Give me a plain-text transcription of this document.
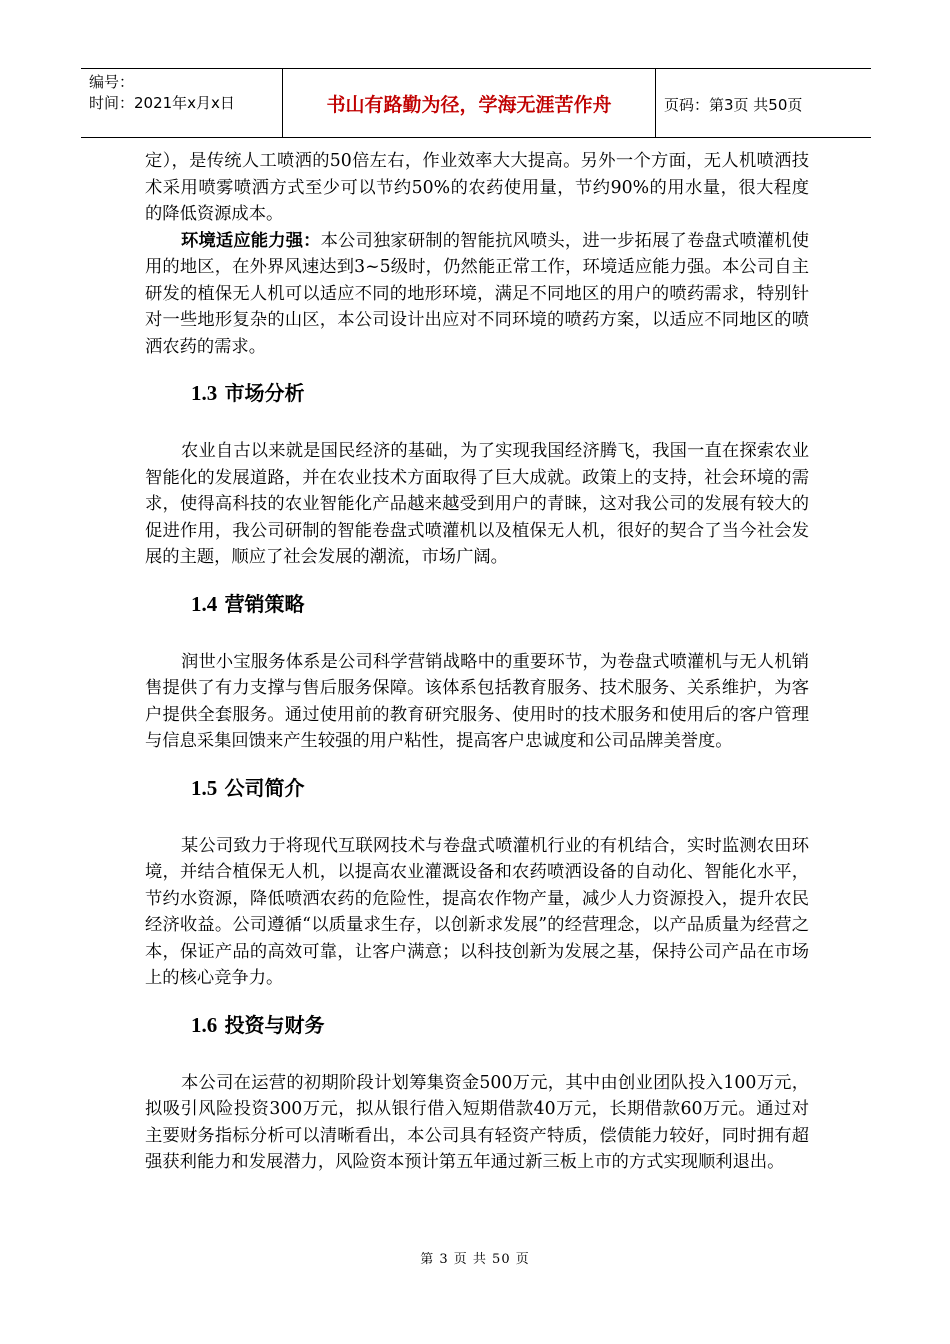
编号：
时间：2021年x月x日	书山有路勤为径，学海无涯苦作舟	页码：第3页 共50页

定），是传统人工喷洒的50倍左右，作业效率大大提高。另外一个方面，无人机喷洒技术采用喷雾喷洒方式至少可以节约50%的农药使用量，节约90%的用水量，很大程度的降低资源成本。

环境适应能力强：本公司独家研制的智能抗风喷头，进一步拓展了卷盘式喷灌机使用的地区，在外界风速达到3~5级时，仍然能正常工作，环境适应能力强。本公司自主研发的植保无人机可以适应不同的地形环境，满足不同地区的用户的喷药需求，特别针对一些地形复杂的山区，本公司设计出应对不同环境的喷药方案，以适应不同地区的喷洒农药的需求。

1.3 市场分析

农业自古以来就是国民经济的基础，为了实现我国经济腾飞，我国一直在探索农业智能化的发展道路，并在农业技术方面取得了巨大成就。政策上的支持，社会环境的需求，使得高科技的农业智能化产品越来越受到用户的青睐，这对我公司的发展有较大的促进作用，我公司研制的智能卷盘式喷灌机以及植保无人机，很好的契合了当今社会发展的主题，顺应了社会发展的潮流，市场广阔。

1.4 营销策略

润世小宝服务体系是公司科学营销战略中的重要环节，为卷盘式喷灌机与无人机销售提供了有力支撑与售后服务保障。该体系包括教育服务、技术服务、关系维护，为客户提供全套服务。通过使用前的教育研究服务、使用时的技术服务和使用后的客户管理与信息采集回馈来产生较强的用户粘性，提高客户忠诚度和公司品牌美誉度。

1.5 公司简介

某公司致力于将现代互联网技术与卷盘式喷灌机行业的有机结合，实时监测农田环境，并结合植保无人机，以提高农业灌溉设备和农药喷洒设备的自动化、智能化水平，节约水资源，降低喷洒农药的危险性，提高农作物产量，减少人力资源投入，提升农民经济收益。公司遵循“以质量求生存，以创新求发展”的经营理念，以产品质量为经营之本，保证产品的高效可靠，让客户满意；以科技创新为发展之基，保持公司产品在市场上的核心竞争力。

1.6 投资与财务

本公司在运营的初期阶段计划筹集资金500万元，其中由创业团队投入100万元，拟吸引风险投资300万元，拟从银行借入短期借款40万元，长期借款60万元。通过对主要财务指标分析可以清晰看出，本公司具有轻资产特质，偿债能力较好，同时拥有超强获利能力和发展潜力，风险资本预计第五年通过新三板上市的方式实现顺利退出。

第 3 页 共 50 页
